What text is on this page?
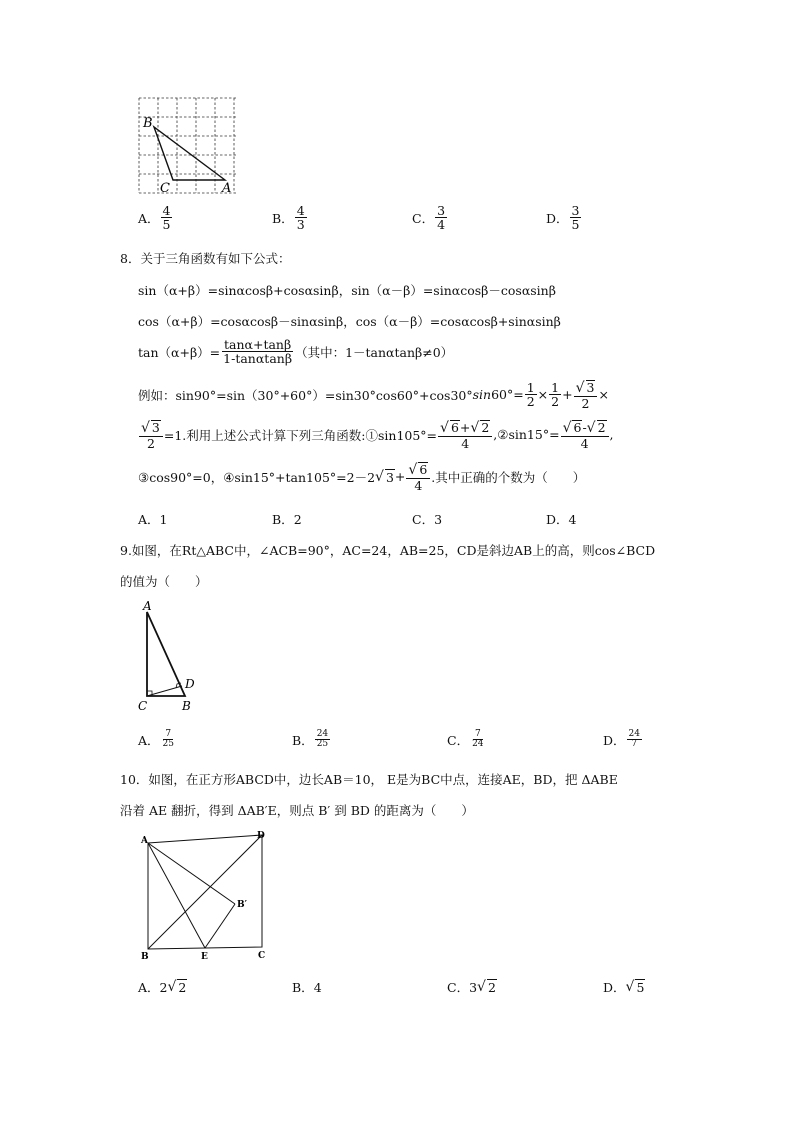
B
C	A
A． $\frac{4}{5}$	B． $\frac{4}{3}$	C． $\frac{3}{4}$	D． $\frac{3}{5}$
8．关于三角函数有如下公式：
sin（α+β）=sinαcosβ+cosαsinβ，sin（α－β）=sinαcosβ－cosαsinβ
cos（α+β）=cosαcosβ－sinαsinβ，cos（α－β）=cosαcosβ+sinαsinβ
$\tan(\alpha+\beta)= \frac{\tan\alpha+\tan\beta}{1-\tan\alpha\tan\beta}$ （其中：1－tanαtanβ≠0）
例如：sin90°=sin（30°+60°）=sin30°cos60°+cos30° $\sin 60^\circ= \frac{1}{2} \times \frac{1}{2} + \frac{√ 3}{2}$ ×
$\frac{√ 3}{2} =1$.利用上述公式计算下列三角函数:①sin105°= $\frac{√ 6+√ 2}{4}$ ,②sin15°= $\frac{√ 6-√ 2}{4}$ ,
③cos90°=0，④sin15°+tan105°=2－2 √ $3 + \frac{√ 6}{4}$ .其中正确的个数为（　　）
A． 1	B． 2	C． 3	D． 4
9.如图，在Rt△ABC中，∠ACB=90°，AC=24，AB=25，CD是斜边AB上的高，则cos∠BCD
的值为（　　）
A
C	B
D
A． $\frac{7}{25}$	B． $\frac{24}{25}$	C． $\frac{7}{24}$	D． $\frac{24}{7}$
10．如图，在正方形ABCD中，边长AB＝10， E是为BC中点，连接AE，BD，把 ΔABE
沿着 AE 翻折，得到 ΔAB′E，则点 B′ 到 BD 的距离为（　　）
A	D
B	E	C
B′
A． 2 √ 2	B． 4	C． 3 √ 2	D． √ 5
